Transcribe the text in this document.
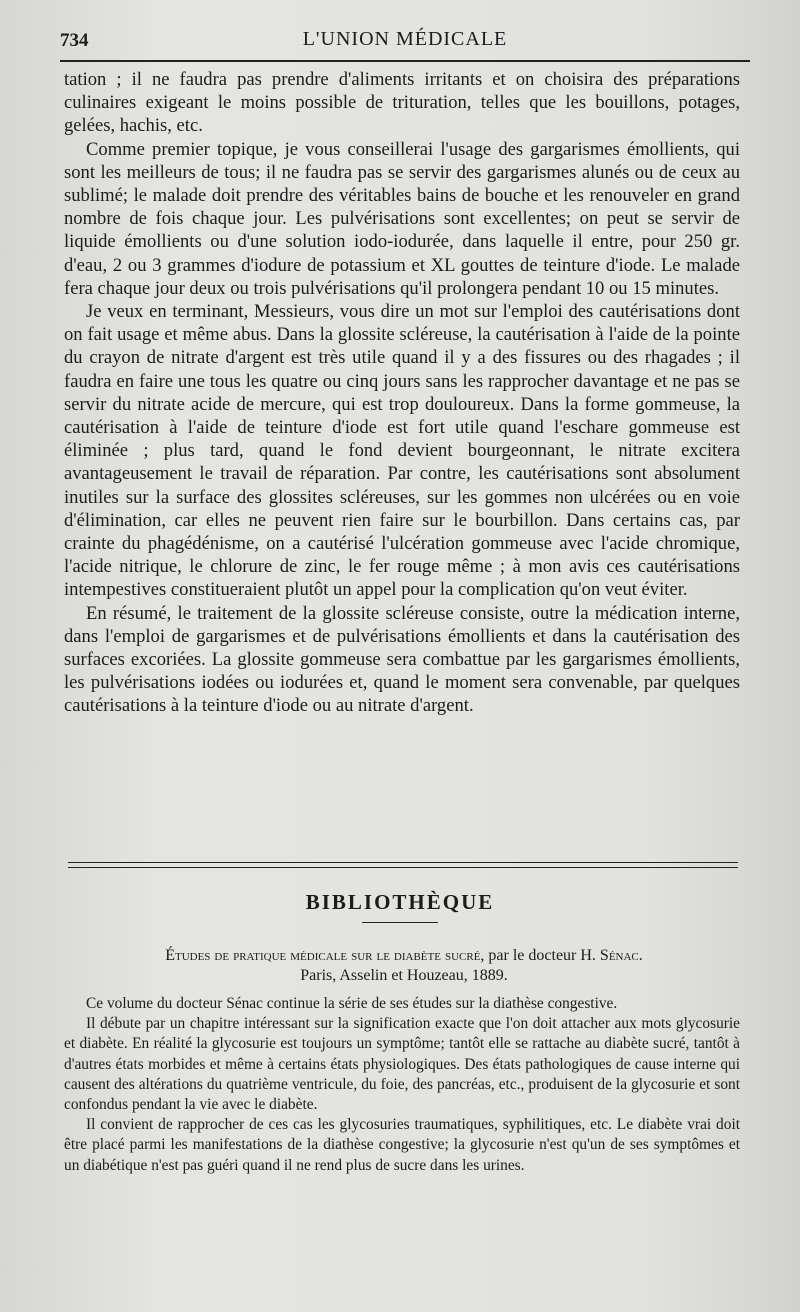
734	L'UNION MÉDICALE

tation ; il ne faudra pas prendre d'aliments irritants et on choisira des préparations culinaires exigeant le moins possible de trituration, telles que les bouillons, potages, gelées, hachis, etc.

Comme premier topique, je vous conseillerai l'usage des gargarismes émollients, qui sont les meilleurs de tous; il ne faudra pas se servir des gargarismes alunés ou de ceux au sublimé; le malade doit prendre des véritables bains de bouche et les renouveler en grand nombre de fois chaque jour. Les pulvérisations sont excellentes; on peut se servir de liquide émollients ou d'une solution iodo-iodurée, dans laquelle il entre, pour 250 gr. d'eau, 2 ou 3 grammes d'iodure de potassium et XL gouttes de teinture d'iode. Le malade fera chaque jour deux ou trois pulvérisations qu'il prolongera pendant 10 ou 15 minutes.

Je veux en terminant, Messieurs, vous dire un mot sur l'emploi des cautérisations dont on fait usage et même abus. Dans la glossite scléreuse, la cautérisation à l'aide de la pointe du crayon de nitrate d'argent est très utile quand il y a des fissures ou des rhagades ; il faudra en faire une tous les quatre ou cinq jours sans les rapprocher davantage et ne pas se servir du nitrate acide de mercure, qui est trop douloureux. Dans la forme gommeuse, la cautérisation à l'aide de teinture d'iode est fort utile quand l'eschare gommeuse est éliminée ; plus tard, quand le fond devient bourgeonnant, le nitrate excitera avantageusement le travail de réparation. Par contre, les cautérisations sont absolument inutiles sur la surface des glossites scléreuses, sur les gommes non ulcérées ou en voie d'élimination, car elles ne peuvent rien faire sur le bourbillon. Dans certains cas, par crainte du phagédénisme, on a cautérisé l'ulcération gommeuse avec l'acide chromique, l'acide nitrique, le chlorure de zinc, le fer rouge même ; à mon avis ces cautérisations intempestives constitueraient plutôt un appel pour la complication qu'on veut éviter.

En résumé, le traitement de la glossite scléreuse consiste, outre la médication interne, dans l'emploi de gargarismes et de pulvérisations émollients et dans la cautérisation des surfaces excoriées. La glossite gommeuse sera combattue par les gargarismes émollients, les pulvérisations iodées ou iodurées et, quand le moment sera convenable, par quelques cautérisations à la teinture d'iode ou au nitrate d'argent.

BIBLIOTHÈQUE
Études de pratique médicale sur le diabète sucré, par le docteur H. Sénac.
Paris, Asselin et Houzeau, 1889.

Ce volume du docteur Sénac continue la série de ses études sur la diathèse congestive.

Il débute par un chapitre intéressant sur la signification exacte que l'on doit attacher aux mots glycosurie et diabète. En réalité la glycosurie est toujours un symptôme; tantôt elle se rattache au diabète sucré, tantôt à d'autres états morbides et même à certains états physiologiques. Des états pathologiques de cause interne qui causent des altérations du quatrième ventricule, du foie, des pancréas, etc., produisent de la glycosurie et sont confondus pendant la vie avec le diabète.

Il convient de rapprocher de ces cas les glycosuries traumatiques, syphilitiques, etc. Le diabète vrai doit être placé parmi les manifestations de la diathèse congestive; la glycosurie n'est qu'un de ses symptômes et un diabétique n'est pas guéri quand il ne rend plus de sucre dans les urines.
